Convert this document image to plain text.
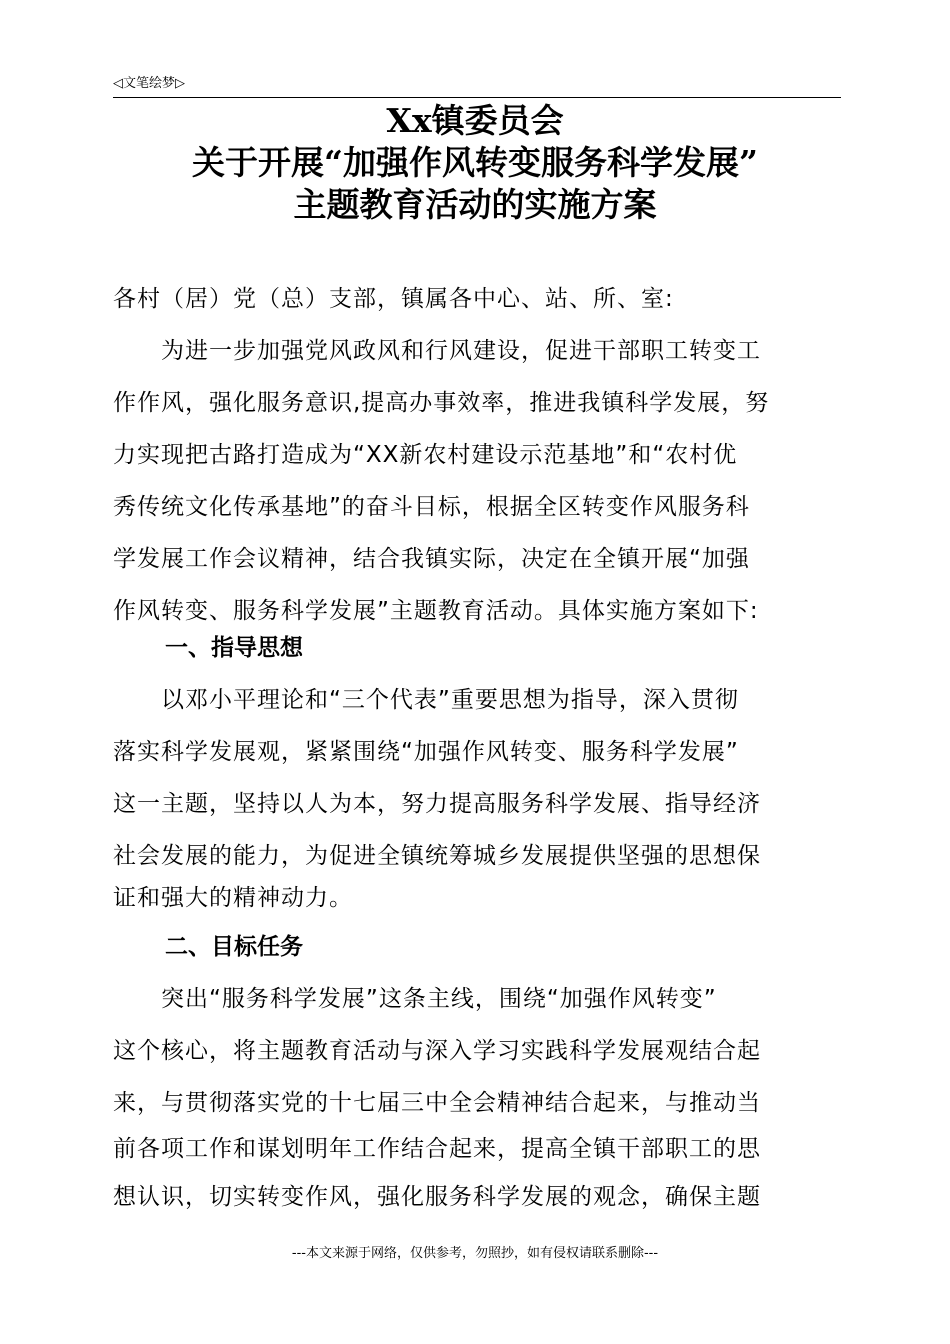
◁文笔绘梦▷
Xx镇委员会
关于开展“加强作风转变服务科学发展”
主题教育活动的实施方案
各村（居）党（总）支部，镇属各中心、站、所、室:
　　为进一步加强党风政风和行风建设，促进干部职工转变工
作作风，强化服务意识,提高办事效率，推进我镇科学发展，努
力实现把古路打造成为“XX新农村建设示范基地”和“农村优
秀传统文化传承基地”的奋斗目标，根据全区转变作风服务科
学发展工作会议精神，结合我镇实际，决定在全镇开展“加强
作风转变、服务科学发展”主题教育活动。具体实施方案如下:
一、指导思想
　　以邓小平理论和“三个代表”重要思想为指导，深入贯彻
落实科学发展观，紧紧围绕“加强作风转变、服务科学发展”
这一主题，坚持以人为本，努力提高服务科学发展、指导经济
社会发展的能力，为促进全镇统筹城乡发展提供坚强的思想保
证和强大的精神动力。
二、目标任务
　　突出“服务科学发展”这条主线，围绕“加强作风转变”
这个核心，将主题教育活动与深入学习实践科学发展观结合起
来，与贯彻落实党的十七届三中全会精神结合起来，与推动当
前各项工作和谋划明年工作结合起来，提高全镇干部职工的思
想认识，切实转变作风，强化服务科学发展的观念，确保主题
---本文来源于网络，仅供参考，勿照抄，如有侵权请联系删除---
